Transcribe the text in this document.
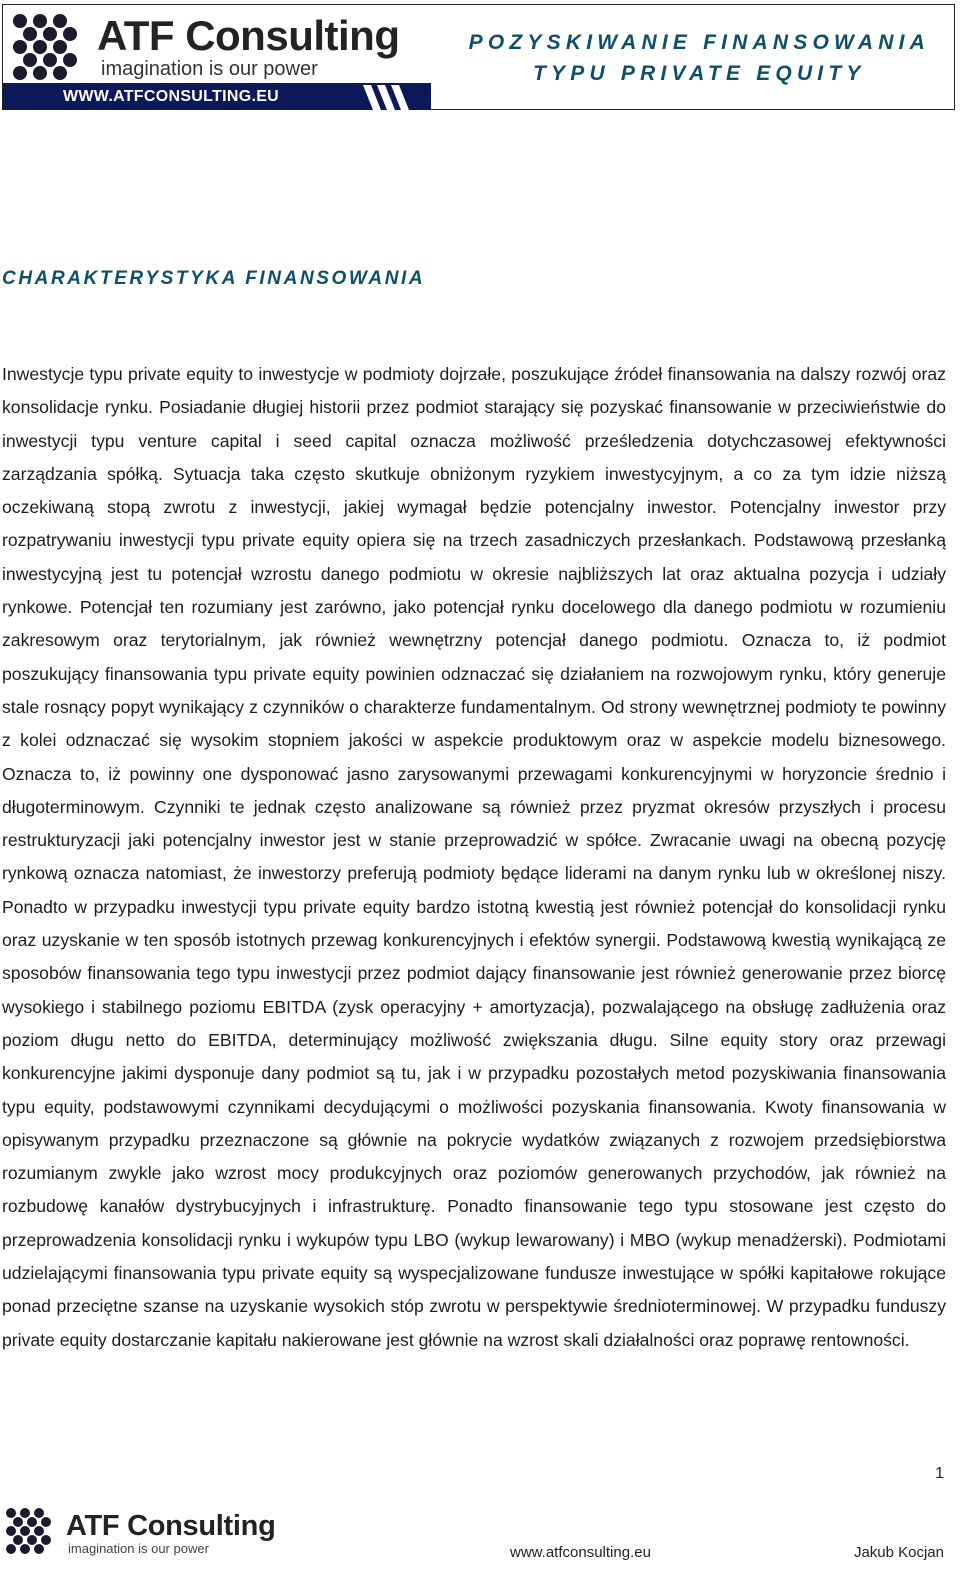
ATF Consulting
imagination is our power
WWW.ATFCONSULTING.EU
POZYSKIWANIE FINANSOWANIA
TYPU PRIVATE EQUITY
CHARAKTERYSTYKA FINANSOWANIA

Inwestycje typu private equity to inwestycje w podmioty dojrzałe, poszukujące źródeł finansowania na dalszy rozwój oraz konsolidacje rynku. Posiadanie długiej historii przez podmiot starający się pozyskać finansowanie w przeciwieństwie do inwestycji typu venture capital i seed capital oznacza możliwość prześledzenia dotychczasowej efektywności zarządzania spółką. Sytuacja taka często skutkuje obniżonym ryzykiem inwestycyjnym, a co za tym idzie niższą oczekiwaną stopą zwrotu z inwestycji, jakiej wymagał będzie potencjalny inwestor. Potencjalny inwestor przy rozpatrywaniu inwestycji typu private equity opiera się na trzech zasadniczych przesłankach. Podstawową przesłanką inwestycyjną jest tu potencjał wzrostu danego podmiotu w okresie najbliższych lat oraz aktualna pozycja i udziały rynkowe. Potencjał ten rozumiany jest zarówno, jako potencjał rynku docelowego dla danego podmiotu w rozumieniu zakresowym oraz terytorialnym, jak również wewnętrzny potencjał danego podmiotu. Oznacza to, iż podmiot poszukujący finansowania typu private equity powinien odznaczać się działaniem na rozwojowym rynku, który generuje stale rosnący popyt wynikający z czynników o charakterze fundamentalnym. Od strony wewnętrznej podmioty te powinny z kolei odznaczać się wysokim stopniem jakości w aspekcie produktowym oraz w aspekcie modelu biznesowego. Oznacza to, iż powinny one dysponować jasno zarysowanymi przewagami konkurencyjnymi w horyzoncie średnio i długoterminowym. Czynniki te jednak często analizowane są również przez pryzmat okresów przyszłych i procesu restrukturyzacji jaki potencjalny inwestor jest w stanie przeprowadzić w spółce. Zwracanie uwagi na obecną pozycję rynkową oznacza natomiast, że inwestorzy preferują podmioty będące liderami na danym rynku lub w określonej niszy. Ponadto w przypadku inwestycji typu private equity bardzo istotną kwestią jest również potencjał do konsolidacji rynku oraz uzyskanie w ten sposób istotnych przewag konkurencyjnych i efektów synergii. Podstawową kwestią wynikającą ze sposobów finansowania tego typu inwestycji przez podmiot dający finansowanie jest również generowanie przez biorcę wysokiego i stabilnego poziomu EBITDA (zysk operacyjny + amortyzacja), pozwalającego na obsługę zadłużenia oraz poziom długu netto do EBITDA, determinujący możliwość zwiększania długu. Silne equity story oraz przewagi konkurencyjne jakimi dysponuje dany podmiot są tu, jak i w przypadku pozostałych metod pozyskiwania finansowania typu equity, podstawowymi czynnikami decydującymi o możliwości pozyskania finansowania. Kwoty finansowania w opisywanym przypadku przeznaczone są głównie na pokrycie wydatków związanych z rozwojem przedsiębiorstwa rozumianym zwykle jako wzrost mocy produkcyjnych oraz poziomów generowanych przychodów, jak również na rozbudowę kanałów dystrybucyjnych i infrastrukturę. Ponadto finansowanie tego typu stosowane jest często do przeprowadzenia konsolidacji rynku i wykupów typu LBO (wykup lewarowany) i MBO (wykup menadżerski). Podmiotami udzielającymi finansowania typu private equity są wyspecjalizowane fundusze inwestujące w spółki kapitałowe rokujące ponad przeciętne szanse na uzyskanie wysokich stóp zwrotu w perspektywie średnioterminowej. W przypadku funduszy private equity dostarczanie kapitału nakierowane jest głównie na wzrost skali działalności oraz poprawę rentowności.

1
ATF Consulting
imagination is our power	www.atfconsulting.eu	Jakub Kocjan
